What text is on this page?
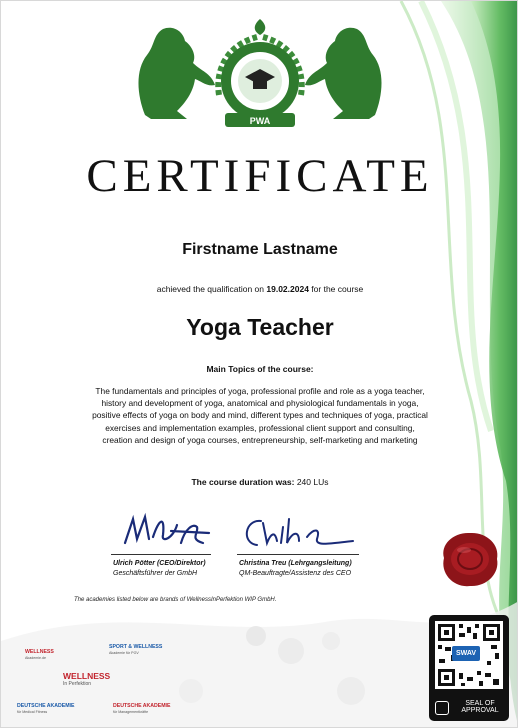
PWA
CERTIFICATE
Firstname Lastname
achieved the qualification on 19.02.2024 for the course
Yoga Teacher
Main Topics of the course:
The fundamentals and principles of yoga, professional profile and role as a yoga teacher, history and development of yoga, anatomical and physiological fundamentals in yoga, positive effects of yoga on body and mind, different types and techniques of yoga, practical exercises and implementation examples, professional client support and consulting, creation and design of yoga courses, entrepreneurship, self-marketing and marketing
The course duration was: 240 LUs
Ulrich Pötter (CEO/Direktor)
Geschäftsführer der GmbH
Christina Treu (Lehrgangsleitung)
QM-Beauftragte/Assistenz des CEO
The academies listed below are brands of WellnessInPerfektion WIP GmbH.
WELLNESS
Akademie.de
SPORT & WELLNESS
Akademie für PGV
WELLNESS
In Perfektion
DEUTSCHE AKADEMIE
für Medical Fitness
DEUTSCHE AKADEMIE
für Managementkräfte
SWAV
SEAL OF
APPROVAL
